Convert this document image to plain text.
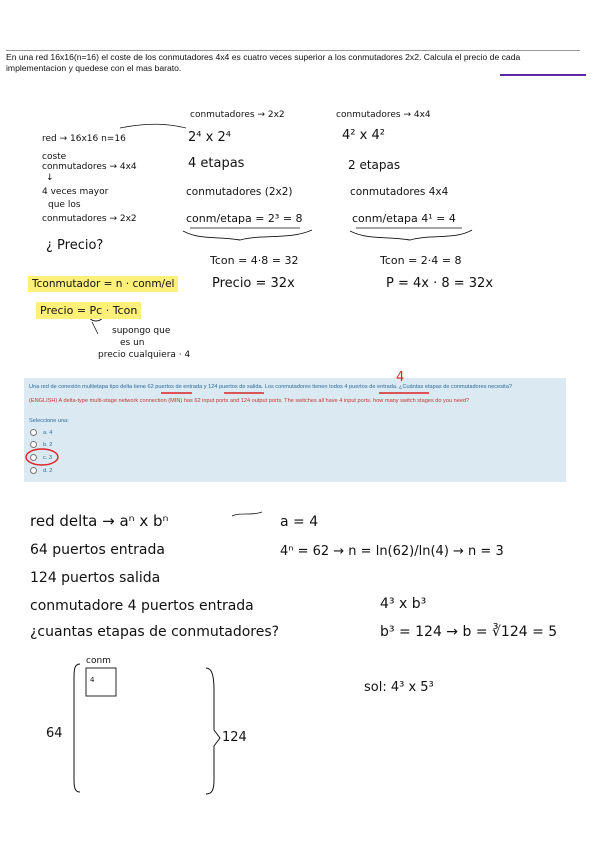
En una red 16x16(n=16) el coste de los conmutadores 4x4 es cuatro veces superior a los conmutadores 2x2. Calcula el precio de cada implementacion y quedese con el mas barato.
conmutadores → 2x2	conmutadores → 4x4
red → 16x16 n=16
coste
conmutadores → 4x4
↓
4 veces mayor
que los
conmutadores → 2x2
¿ Precio?
2⁴ x 2⁴
4 etapas
conmutadores (2x2)
conm/etapa = 2³ = 8
Tcon = 4·8 = 32
Precio = 32x
4² x 4²
2 etapas
conmutadores 4x4
conm/etapa 4¹ = 4
Tcon = 2·4 = 8
P = 4x · 8 = 32x
Tconmutador = n · conm/el
Precio = Pc · Tcon
supongo que
es un
precio cualquiera · 4
Una red de conexión multietapa tipo delta tiene 62 puertos de entrada y 124 puertos de salida. Los conmutadores tienen todos 4 puertos de entrada. ¿Cuántas etapas de conmutadores necesita?
(ENGLISH) A delta-type multi-stage network connection (MIN) has 62 input ports and 124 output ports. The switches all have 4 input ports. how many switch stages do you need?
Seleccione una:
a. 4
b. 2
c. 3
d. 2
4
red delta → aⁿ x bⁿ	a = 4
64 puertos entrada	4ⁿ = 62 → n = ln(62)/ln(4) → n = 3
124 puertos salida
conmutadore 4 puertos entrada	4³ x b³
¿cuantas etapas de conmutadores?	b³ = 124 → b = ∛124 = 5
conm
4
64	124
sol: 4³ x 5³
